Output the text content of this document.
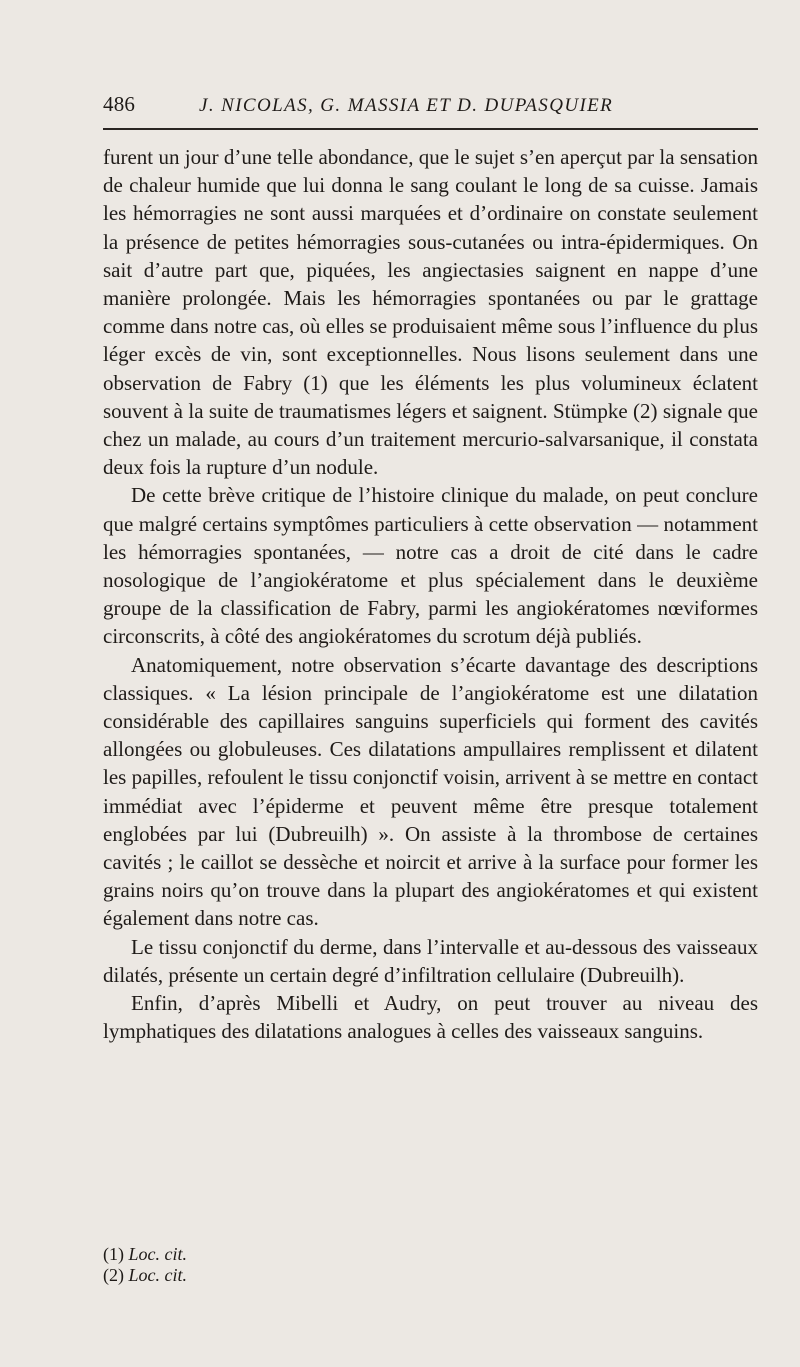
486	J. NICOLAS, G. MASSIA ET D. DUPASQUIER

furent un jour d’une telle abondance, que le sujet s’en aperçut par la sensation de chaleur humide que lui donna le sang coulant le long de sa cuisse. Jamais les hémorragies ne sont aussi marquées et d’ordinaire on constate seulement la présence de petites hémorragies sous-cutanées ou intra-épidermiques. On sait d’autre part que, piquées, les angiectasies saignent en nappe d’une manière prolongée. Mais les hémorragies spontanées ou par le grattage comme dans notre cas, où elles se produisaient même sous l’influence du plus léger excès de vin, sont exceptionnelles. Nous lisons seulement dans une observation de Fabry (1) que les éléments les plus volumineux éclatent souvent à la suite de traumatismes légers et saignent. Stümpke (2) signale que chez un malade, au cours d’un traitement mercurio-salvarsanique, il constata deux fois la rupture d’un nodule.

De cette brève critique de l’histoire clinique du malade, on peut conclure que malgré certains symptômes particuliers à cette observation — notamment les hémorragies spontanées, — notre cas a droit de cité dans le cadre nosologique de l’angiokératome et plus spécialement dans le deuxième groupe de la classification de Fabry, parmi les angiokératomes nœviformes circonscrits, à côté des angiokératomes du scrotum déjà publiés.

Anatomiquement, notre observation s’écarte davantage des descriptions classiques. « La lésion principale de l’angiokératome est une dilatation considérable des capillaires sanguins superficiels qui forment des cavités allongées ou globuleuses. Ces dilatations ampullaires remplissent et dilatent les papilles, refoulent le tissu conjonctif voisin, arrivent à se mettre en contact immédiat avec l’épiderme et peuvent même être presque totalement englobées par lui (Dubreuilh) ». On assiste à la thrombose de certaines cavités ; le caillot se dessèche et noircit et arrive à la surface pour former les grains noirs qu’on trouve dans la plupart des angiokératomes et qui existent également dans notre cas.

Le tissu conjonctif du derme, dans l’intervalle et au-dessous des vaisseaux dilatés, présente un certain degré d’infiltration cellulaire (Dubreuilh).

Enfin, d’après Mibelli et Audry, on peut trouver au niveau des lymphatiques des dilatations analogues à celles des vaisseaux sanguins.

(1) Loc. cit.

(2) Loc. cit.
